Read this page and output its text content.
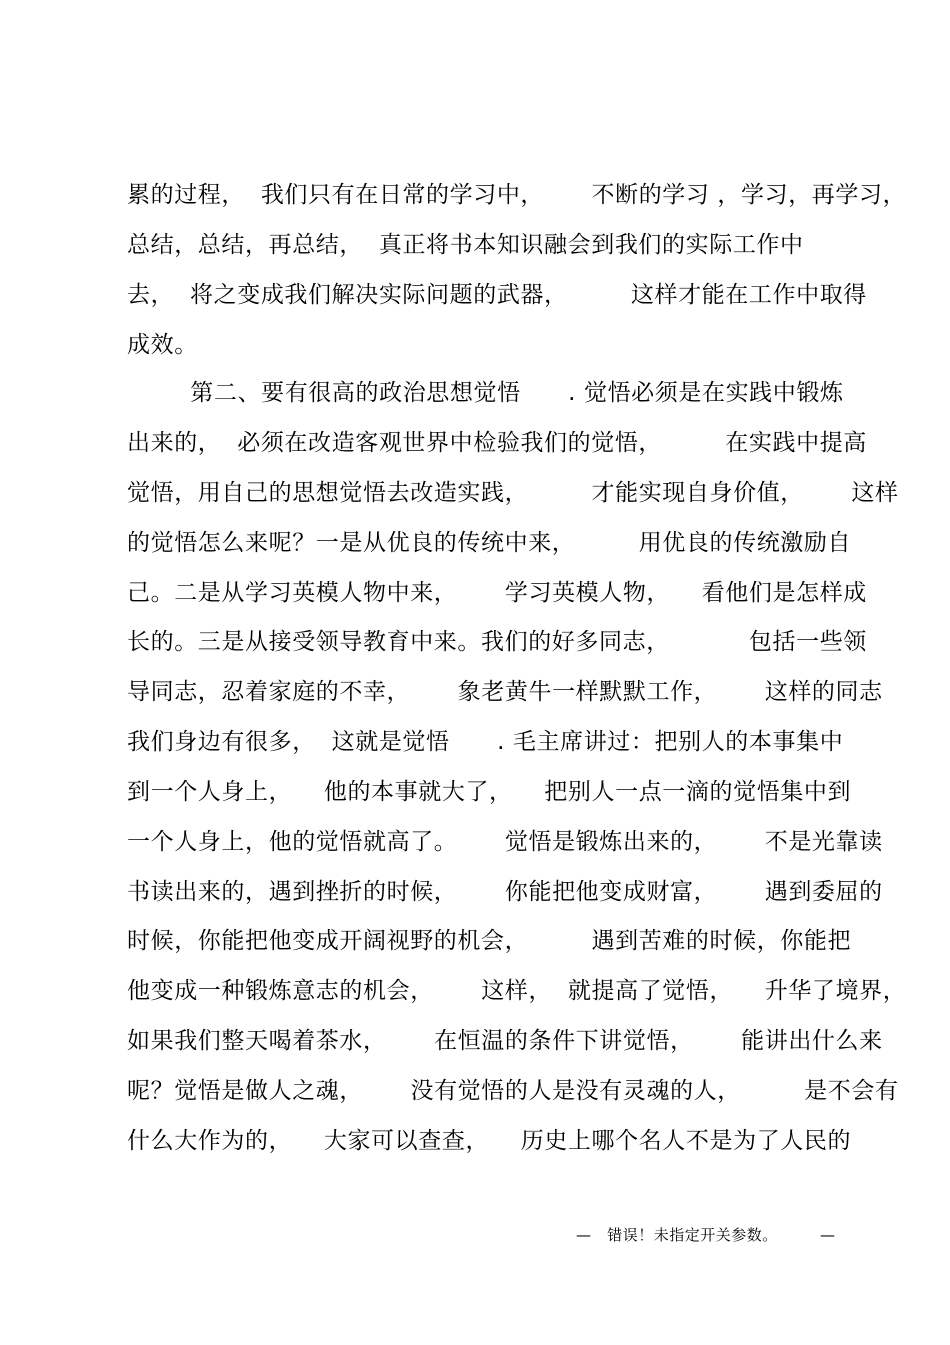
累的过程，  我们只有在日常的学习中，      不断的学习 ，学习，再学习，
总结，总结，再总结，  真正将书本知识融会到我们的实际工作中
去，  将之变成我们解决实际问题的武器，        这样才能在工作中取得
成效。
第二、要有很高的政治思想觉悟      . 觉悟必须是在实践中锻炼
出来的，  必须在改造客观世界中检验我们的觉悟，        在实践中提高
觉悟，用自己的思想觉悟去改造实践，        才能实现自身价值，      这样
的觉悟怎么来呢？一是从优良的传统中来，        用优良的传统激励自
己。二是从学习英模人物中来，      学习英模人物，    看他们是怎样成
长的。三是从接受领导教育中来。我们的好多同志，          包括一些领
导同志，忍着家庭的不幸，      象老黄牛一样默默工作，      这样的同志
我们身边有很多，  这就是觉悟      . 毛主席讲过：把别人的本事集中
到一个人身上，    他的本事就大了，    把别人一点一滴的觉悟集中到
一个人身上，他的觉悟就高了。      觉悟是锻炼出来的，      不是光靠读
书读出来的，遇到挫折的时候，      你能把他变成财富，      遇到委屈的
时候，你能把他变成开阔视野的机会，        遇到苦难的时候，你能把
他变成一种锻炼意志的机会，      这样，  就提高了觉悟，    升华了境界，
如果我们整天喝着茶水，      在恒温的条件下讲觉悟，      能讲出什么来
呢？觉悟是做人之魂，      没有觉悟的人是没有灵魂的人，        是不会有
什么大作为的，    大家可以查查，    历史上哪个名人不是为了人民的
—   错误！未指定开关参数。        —
